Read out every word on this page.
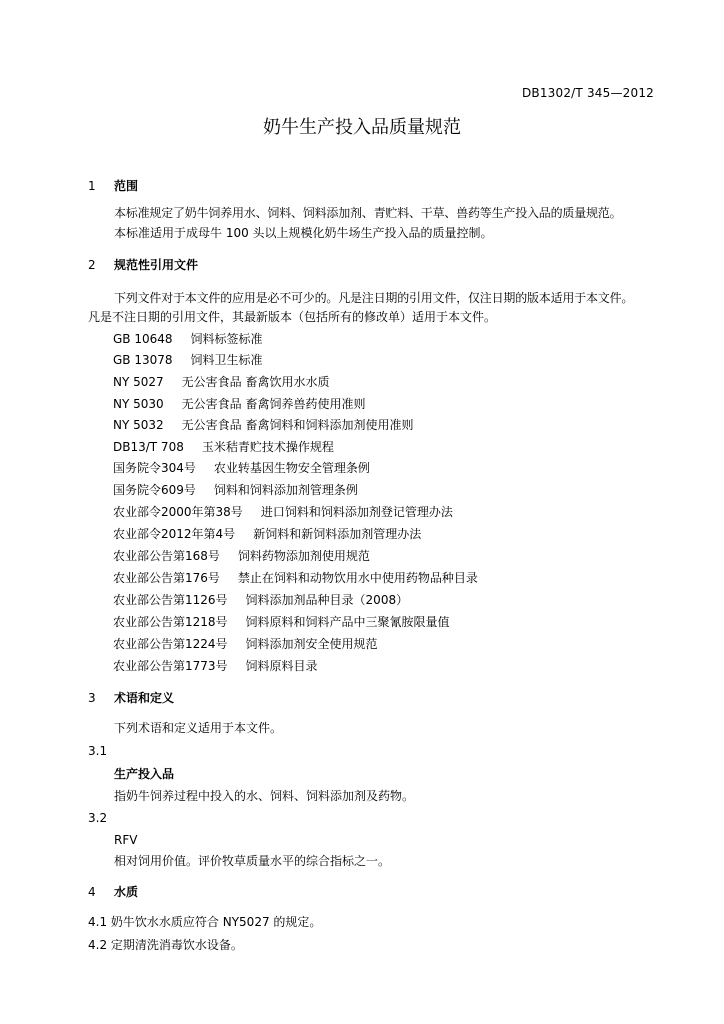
DB1302/T 345—2012
奶牛生产投入品质量规范
1 范围
本标准规定了奶牛饲养用水、饲料、饲料添加剂、青贮料、干草、兽药等生产投入品的质量规范。
本标准适用于成母牛 100 头以上规模化奶牛场生产投入品的质量控制。
2 规范性引用文件
下列文件对于本文件的应用是必不可少的。凡是注日期的引用文件，仅注日期的版本适用于本文件。
凡是不注日期的引用文件，其最新版本（包括所有的修改单）适用于本文件。
GB 10648 饲料标签标准
GB 13078 饲料卫生标准
NY 5027 无公害食品 畜禽饮用水水质
NY 5030 无公害食品 畜禽饲养兽药使用准则
NY 5032 无公害食品 畜禽饲料和饲料添加剂使用准则
DB13/T 708 玉米秸青贮技术操作规程
国务院令304号 农业转基因生物安全管理条例
国务院令609号 饲料和饲料添加剂管理条例
农业部令2000年第38号 进口饲料和饲料添加剂登记管理办法
农业部令2012年第4号 新饲料和新饲料添加剂管理办法
农业部公告第168号 饲料药物添加剂使用规范
农业部公告第176号 禁止在饲料和动物饮用水中使用药物品种目录
农业部公告第1126号 饲料添加剂品种目录（2008）
农业部公告第1218号 饲料原料和饲料产品中三聚氰胺限量值
农业部公告第1224号 饲料添加剂安全使用规范
农业部公告第1773号 饲料原料目录
3 术语和定义
下列术语和定义适用于本文件。
3.1
生产投入品
指奶牛饲养过程中投入的水、饲料、饲料添加剂及药物。
3.2
RFV
相对饲用价值。评价牧草质量水平的综合指标之一。
4 水质
4.1 奶牛饮水水质应符合 NY5027 的规定。
4.2 定期清洗消毒饮水设备。
